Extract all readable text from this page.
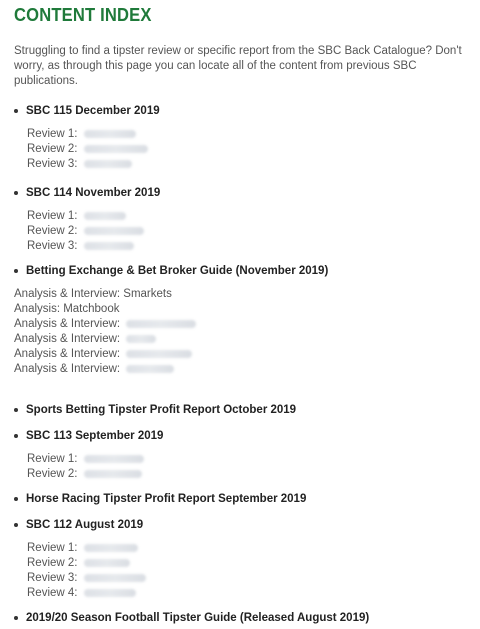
CONTENT INDEX

Struggling to find a tipster review or specific report from the SBC Back Catalogue? Don't worry, as through this page you can locate all of the content from previous SBC publications.

SBC 115 December 2019
Review 1:
Review 2:
Review 3:
SBC 114 November 2019
Review 1:
Review 2:
Review 3:
Betting Exchange & Bet Broker Guide (November 2019)
Analysis & Interview: Smarkets
Analysis: Matchbook
Analysis & Interview:
Analysis & Interview:
Analysis & Interview:
Analysis & Interview:
Sports Betting Tipster Profit Report October 2019
SBC 113 September 2019
Review 1:
Review 2:
Horse Racing Tipster Profit Report September 2019
SBC 112 August 2019
Review 1:
Review 2:
Review 3:
Review 4:
2019/20 Season Football Tipster Guide (Released August 2019)
